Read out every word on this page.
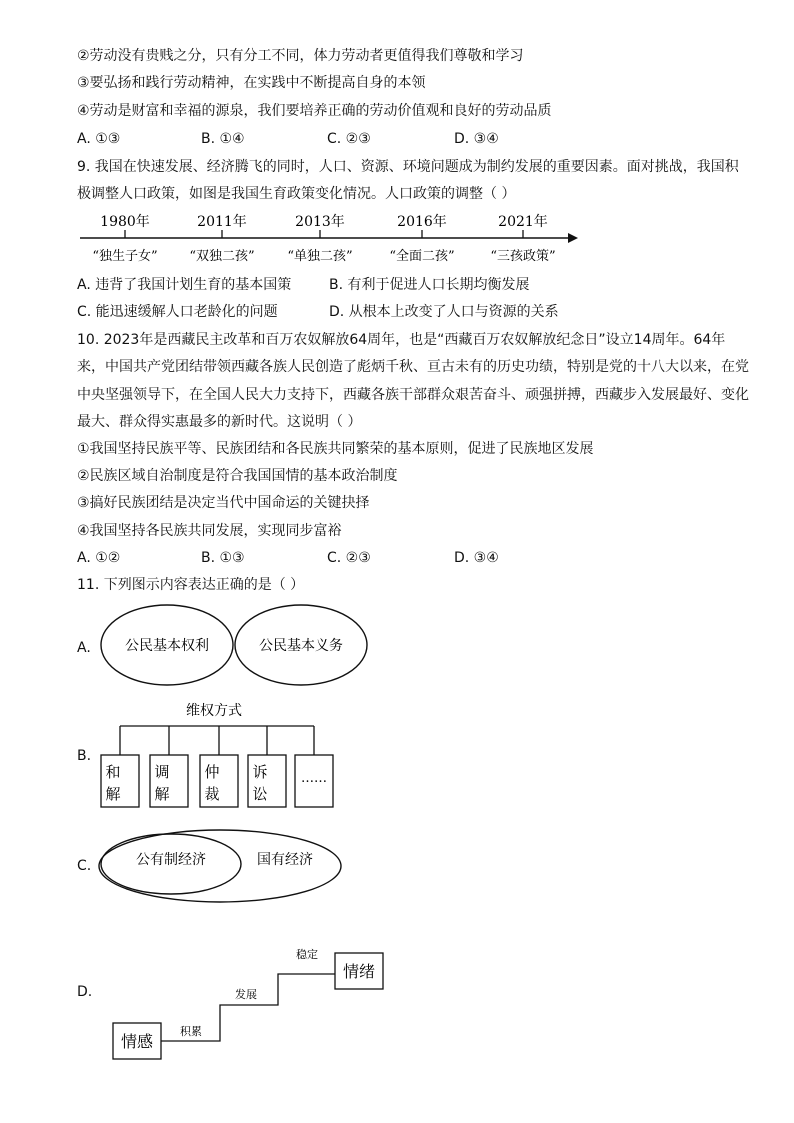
②劳动没有贵贱之分，只有分工不同，体力劳动者更值得我们尊敬和学习
③要弘扬和践行劳动精神，在实践中不断提高自身的本领
④劳动是财富和幸福的源泉，我们要培养正确的劳动价值观和良好的劳动品质
A. ①③	B. ①④	C. ②③	D. ③④
9. 我国在快速发展、经济腾飞的同时，人口、资源、环境问题成为制约发展的重要因素。面对挑战，我国积
极调整人口政策，如图是我国生育政策变化情况。人口政策的调整（ ）
1980年	2011年	2013年	2016年	2021年
“独生子女” “双独二孩”	“单独二孩”	“全面二孩”	“三孩政策”
A. 违背了我国计划生育的基本国策	B. 有利于促进人口长期均衡发展
C. 能迅速缓解人口老龄化的问题	D. 从根本上改变了人口与资源的关系
10. 2023年是西藏民主改革和百万农奴解放64周年，也是“西藏百万农奴解放纪念日”设立14周年。64年
来，中国共产党团结带领西藏各族人民创造了彪炳千秋、亘古未有的历史功绩，特别是党的十八大以来，在党
中央坚强领导下，在全国人民大力支持下，西藏各族干部群众艰苦奋斗、顽强拼搏，西藏步入发展最好、变化
最大、群众得实惠最多的新时代。这说明（ ）
①我国坚持民族平等、民族团结和各民族共同繁荣的基本原则，促进了民族地区发展
②民族区域自治制度是符合我国国情的基本政治制度
③搞好民族团结是决定当代中国命运的关键抉择
④我国坚持各民族共同发展，实现同步富裕
A. ①②	B. ①③	C. ②③	D. ③④
11. 下列图示内容表达正确的是（ ）
A. 公民基本权利	公民基本义务
B.
维权方式
和
解
调
解
仲
裁
诉
讼
……
C.	公有制经济	国有经济
D.
情感
情绪
积累
发展
稳定
